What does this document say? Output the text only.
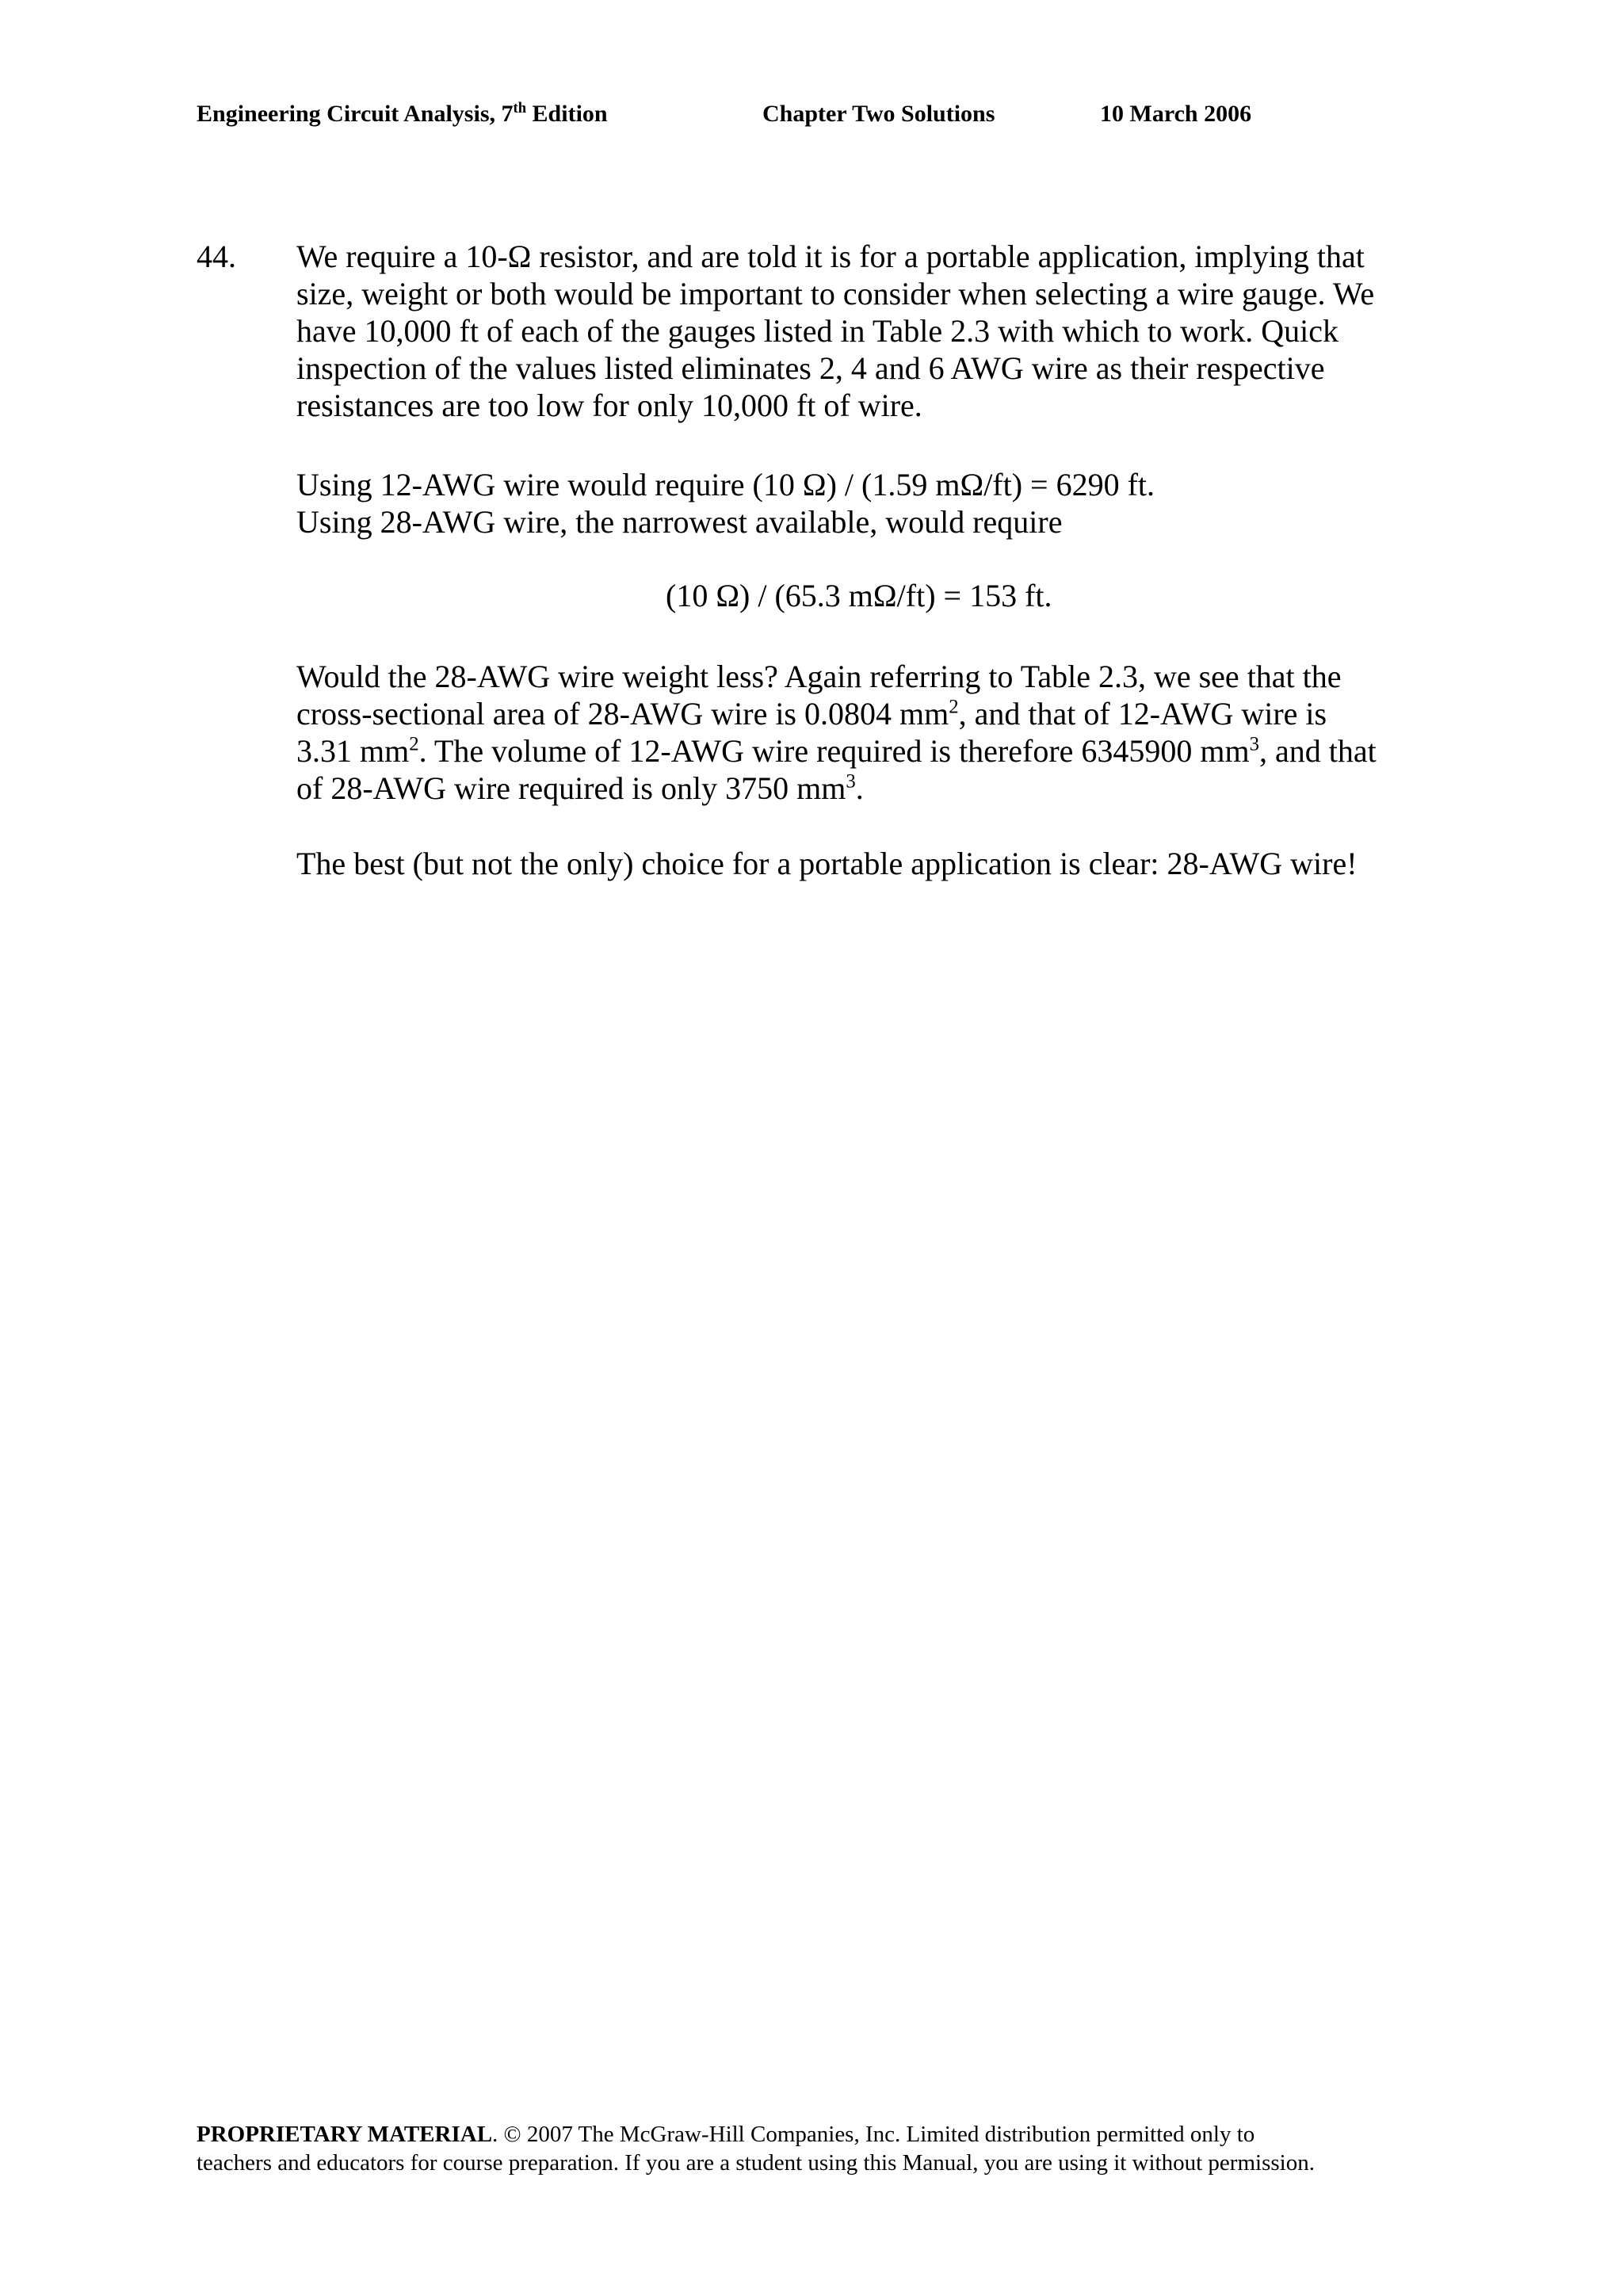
Engineering Circuit Analysis, 7th Edition	Chapter Two Solutions	10 March 2006
44. We require a 10-Ω resistor, and are told it is for a portable application, implying that
size, weight or both would be important to consider when selecting a wire gauge. We
have 10,000 ft of each of the gauges listed in Table 2.3 with which to work. Quick
inspection of the values listed eliminates 2, 4 and 6 AWG wire as their respective
resistances are too low for only 10,000 ft of wire.

Using 12-AWG wire would require (10 Ω) / (1.59 mΩ/ft) = 6290 ft.
Using 28-AWG wire, the narrowest available, would require

(10 Ω) / (65.3 mΩ/ft) = 153 ft.

Would the 28-AWG wire weight less? Again referring to Table 2.3, we see that the
cross-sectional area of 28-AWG wire is 0.0804 $mm^2$, and that of 12-AWG wire is
3.31 $mm^2$. The volume of 12-AWG wire required is therefore 6345900 $mm^3$, and that
of 28-AWG wire required is only 3750 $mm^3$.

The best (but not the only) choice for a portable application is clear: 28-AWG wire!

PROPRIETARY MATERIAL. © 2007 The McGraw-Hill Companies, Inc. Limited distribution permitted only to
teachers and educators for course preparation. If you are a student using this Manual, you are using it without permission.
